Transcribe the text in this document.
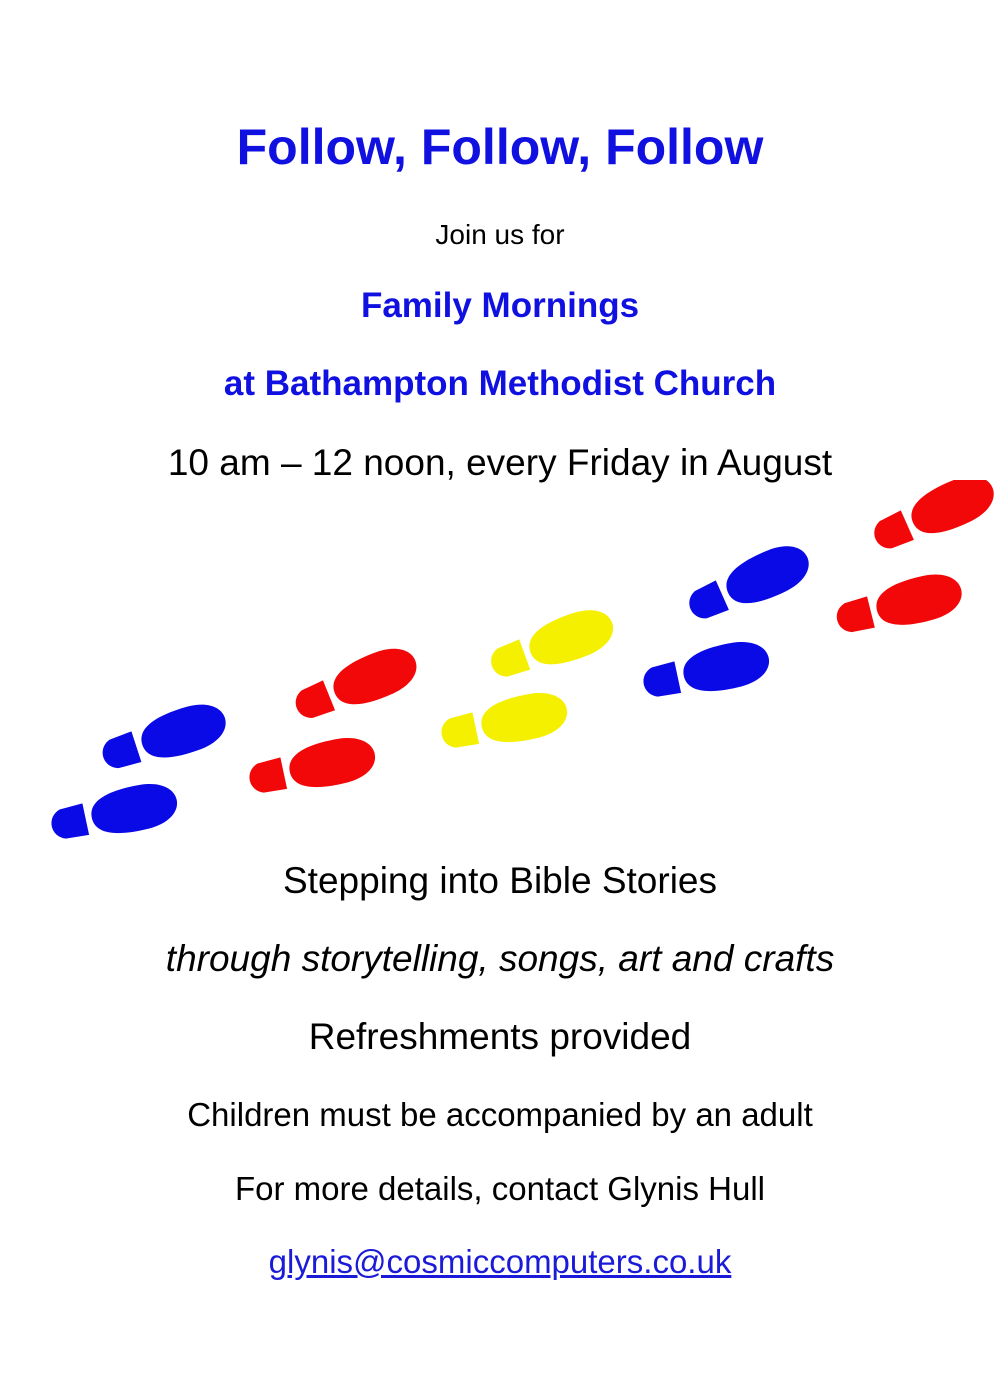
Follow, Follow, Follow

Join us for

Family Mornings

at Bathampton Methodist Church

10 am – 12 noon, every Friday in August

Stepping into Bible Stories

through storytelling, songs, art and crafts

Refreshments provided

Children must be accompanied by an adult

For more details, contact Glynis Hull

glynis@cosmiccomputers.co.uk
